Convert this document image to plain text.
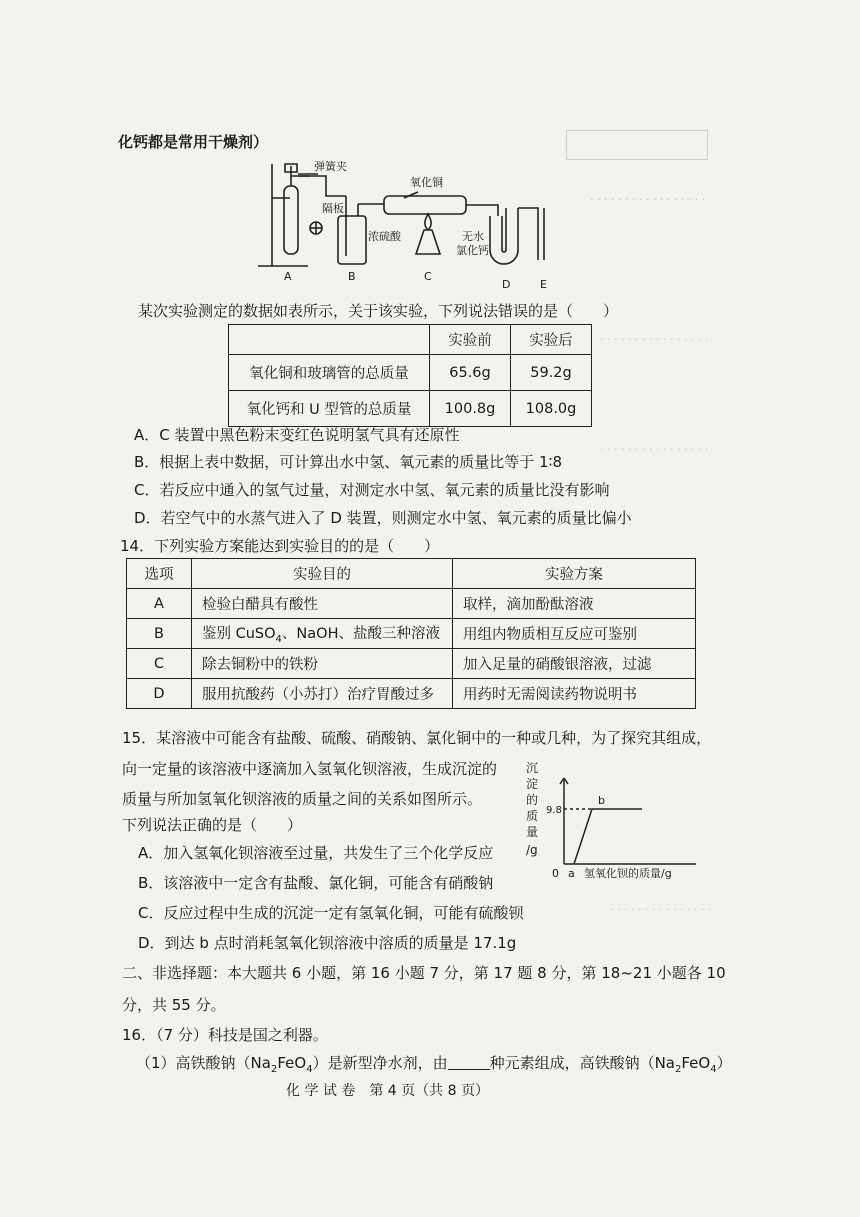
. . . . . . . . . . . . . . . . .
. . . . . . . . . . . . . . . .
. . . . . . . . . . . . . . . .
. . . . . . . . . . . . . . .
化钙都是常用干燥剂）
弹簧夹
隔板
氧化铜
浓硫酸	无水
氯化钙
A	B	C
D	E
某次实验测定的数据如表所示，关于该实验，下列说法错误的是（　　）
	实验前	实验后
氧化铜和玻璃管的总质量	65.6g	59.2g
氧化钙和 U 型管的总质量	100.8g	108.0g
A．C 装置中黑色粉末变红色说明氢气具有还原性
B．根据上表中数据，可计算出水中氢、氧元素的质量比等于 1∶8
C．若反应中通入的氢气过量，对测定水中氢、氧元素的质量比没有影响
D．若空气中的水蒸气进入了 D 装置，则测定水中氢、氧元素的质量比偏小
14．下列实验方案能达到实验目的的是（　　）
选项	实验目的	实验方案
A	检验白醋具有酸性	取样，滴加酚酞溶液
B	鉴别 CuSO$_4$、NaOH、盐酸三种溶液	用组内物质相互反应可鉴别
C	除去铜粉中的铁粉	加入足量的硝酸银溶液，过滤
D	服用抗酸药（小苏打）治疗胃酸过多	用药时无需阅读药物说明书
15．某溶液中可能含有盐酸、硫酸、硝酸钠、氯化铜中的一种或几种，为了探究其组成，
向一定量的该溶液中逐滴加入氢氧化钡溶液，生成沉淀的
质量与所加氢氧化钡溶液的质量之间的关系如图所示。
下列说法正确的是（　　）
A．加入氢氧化钡溶液至过量，共发生了三个化学反应
B．该溶液中一定含有盐酸、氯化铜，可能含有硝酸钠
C．反应过程中生成的沉淀一定有氢氧化铜，可能有硫酸钡
D．到达 b 点时消耗氢氧化钡溶液中溶质的质量是 17.1g
沉
淀
的
质
量
/g
9.8
0 a
b
氢氧化钡的质量/g
二、非选择题：本大题共 6 小题，第 16 小题 7 分，第 17 题 8 分，第 18~21 小题各 10
分，共 55 分。
16．（7 分）科技是国之利器。
（1）高铁酸钠$(Na_2FeO_4)$是新型净水剂，由	种元素组成，高铁酸钠$(Na_2FeO_4)$
化 学 试 卷　第 4 页（共 8 页）
